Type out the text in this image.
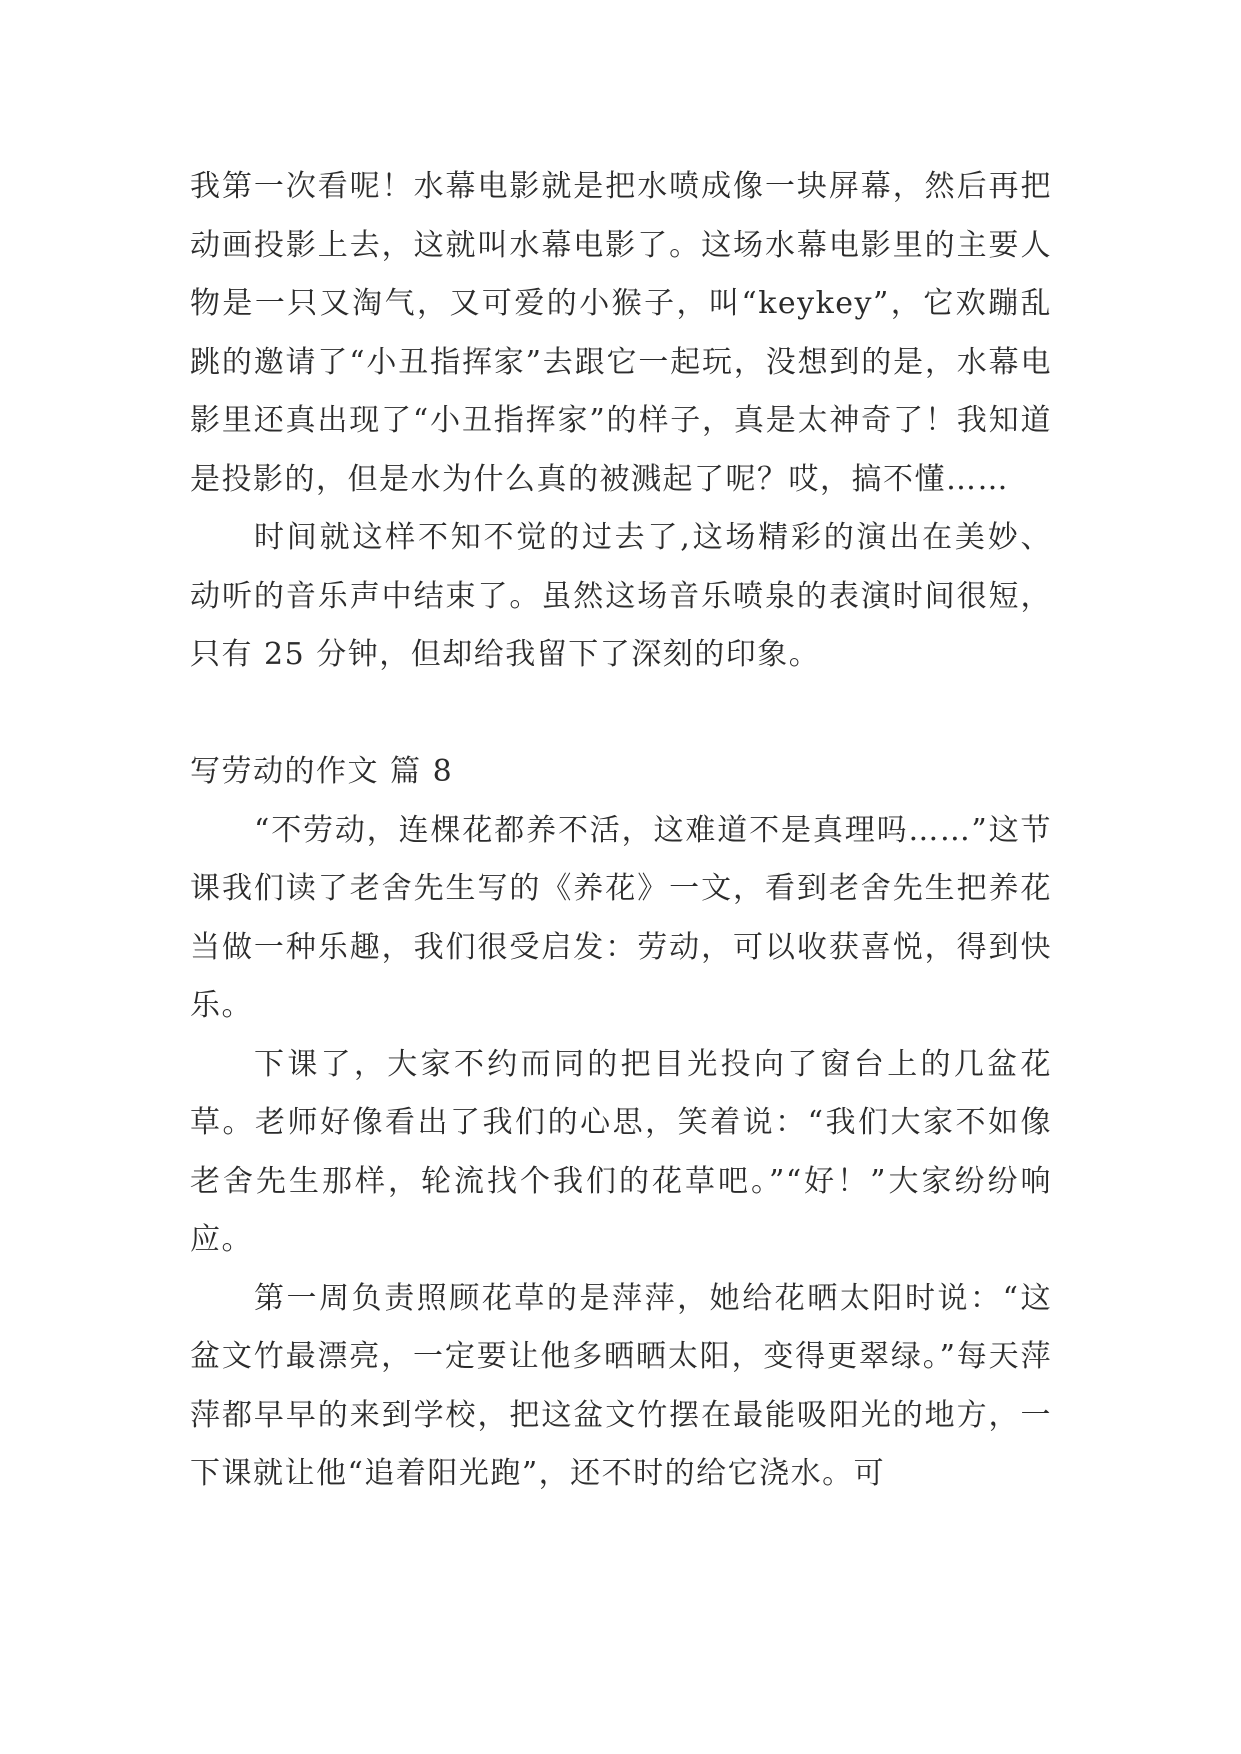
我第一次看呢！水幕电影就是把水喷成像一块屏幕，然后再把动画投影上去，这就叫水幕电影了。这场水幕电影里的主要人物是一只又淘气，又可爱的小猴子，叫“keykey”，它欢蹦乱跳的邀请了“小丑指挥家”去跟它一起玩，没想到的是，水幕电影里还真出现了“小丑指挥家”的样子，真是太神奇了！我知道是投影的，但是水为什么真的被溅起了呢？哎，搞不懂……

时间就这样不知不觉的过去了,这场精彩的演出在美妙、动听的音乐声中结束了。虽然这场音乐喷泉的表演时间很短，只有 25 分钟，但却给我留下了深刻的印象。

写劳动的作文 篇 8

“不劳动，连棵花都养不活，这难道不是真理吗……”这节课我们读了老舍先生写的《养花》一文，看到老舍先生把养花当做一种乐趣，我们很受启发：劳动，可以收获喜悦，得到快乐。

下课了，大家不约而同的把目光投向了窗台上的几盆花草。老师好像看出了我们的心思，笑着说：“我们大家不如像老舍先生那样，轮流找个我们的花草吧。”“好！”大家纷纷响应。

第一周负责照顾花草的是萍萍，她给花晒太阳时说：“这盆文竹最漂亮，一定要让他多晒晒太阳，变得更翠绿。”每天萍萍都早早的来到学校，把这盆文竹摆在最能吸阳光的地方，一下课就让他“追着阳光跑”，还不时的给它浇水。可
